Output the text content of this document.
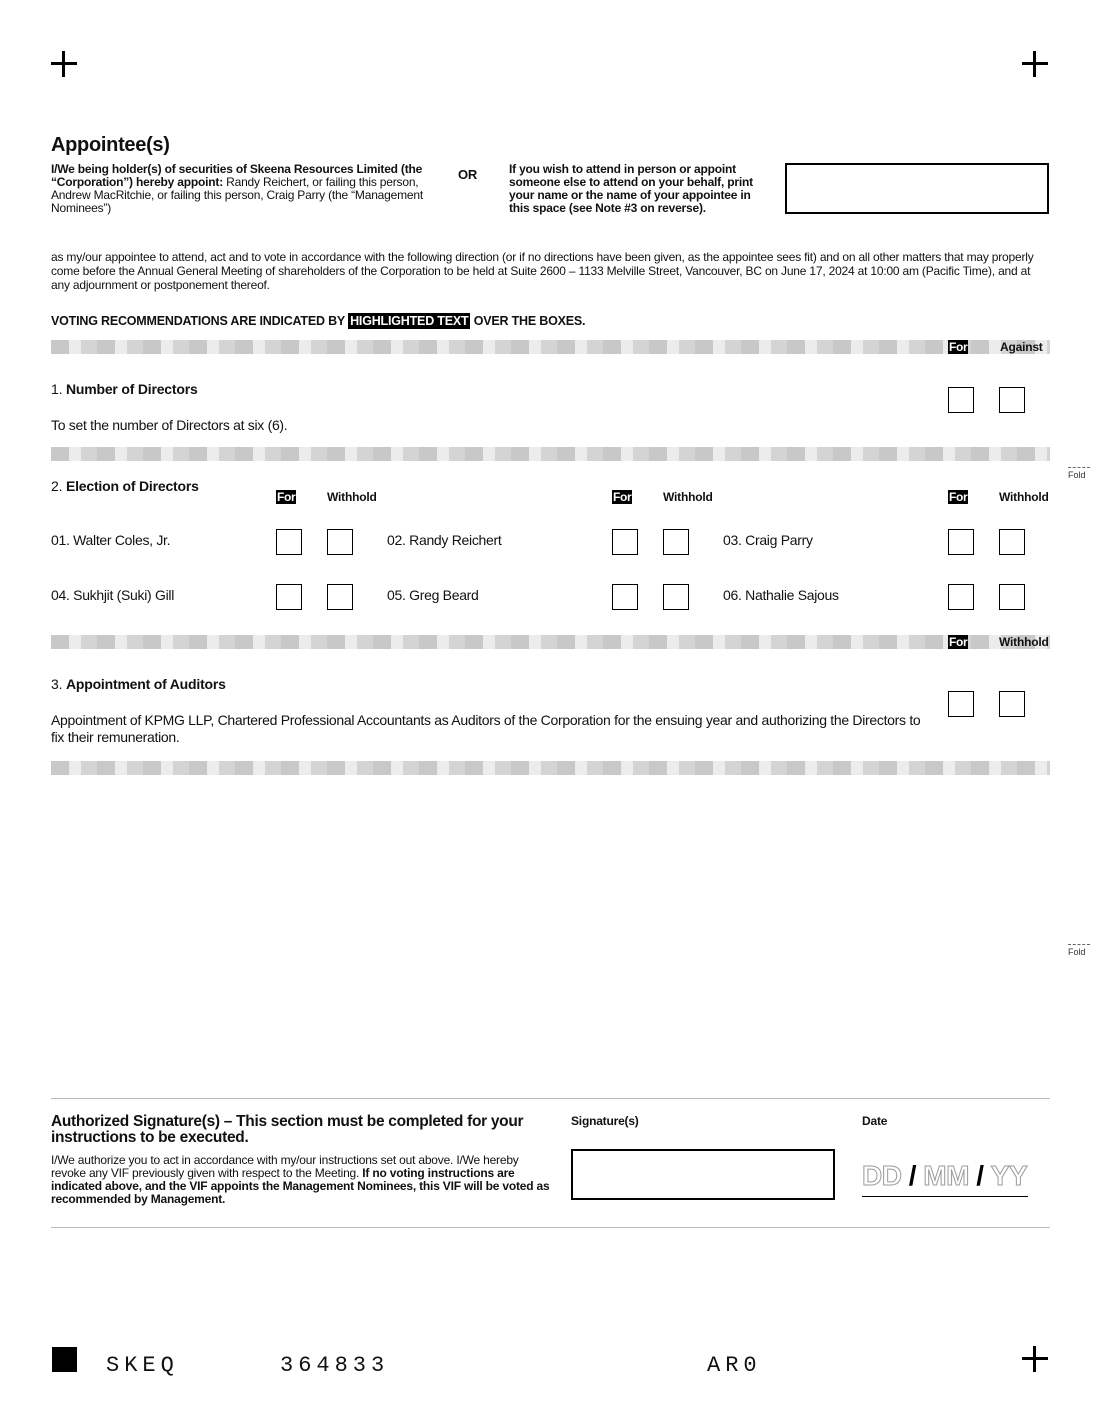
Appointee(s)
I/We being holder(s) of securities of Skeena Resources Limited (the “Corporation”) hereby appoint: Randy Reichert, or failing this person, Andrew MacRitchie, or failing this person, Craig Parry (the “Management Nominees”)
OR	If you wish to attend in person or appoint someone else to attend on your behalf, print your name or the name of your appointee in this space (see Note #3 on reverse).
as my/our appointee to attend, act and to vote in accordance with the following direction (or if no directions have been given, as the appointee sees fit) and on all other matters that may properly come before the Annual General Meeting of shareholders of the Corporation to be held at Suite 2600 – 1133 Melville Street, Vancouver, BC on June 17, 2024 at 10:00 am (Pacific Time), and at any adjournment or postponement thereof.
VOTING RECOMMENDATIONS ARE INDICATED BY HIGHLIGHTED TEXT OVER THE BOXES.
For	Against
1. Number of Directors
To set the number of Directors at six (6).
Fold
2. Election of Directors
For	Withhold	For	Withhold	For	Withhold
01. Walter Coles, Jr.	02. Randy Reichert	03. Craig Parry
04. Sukhjit (Suki) Gill	05. Greg Beard	06. Nathalie Sajous
For	Withhold
3. Appointment of Auditors
Appointment of KPMG LLP, Chartered Professional Accountants as Auditors of the Corporation for the ensuing year and authorizing the Directors to fix their remuneration.
Fold
Authorized Signature(s) – This section must be completed for your instructions to be executed.
I/We authorize you to act in accordance with my/our instructions set out above. I/We hereby revoke any VIF previously given with respect to the Meeting. If no voting instructions are indicated above, and the VIF appoints the Management Nominees, this VIF will be voted as recommended by Management.
Signature(s)	Date
DD / MM / YY
SKEQ	364833	AR0
